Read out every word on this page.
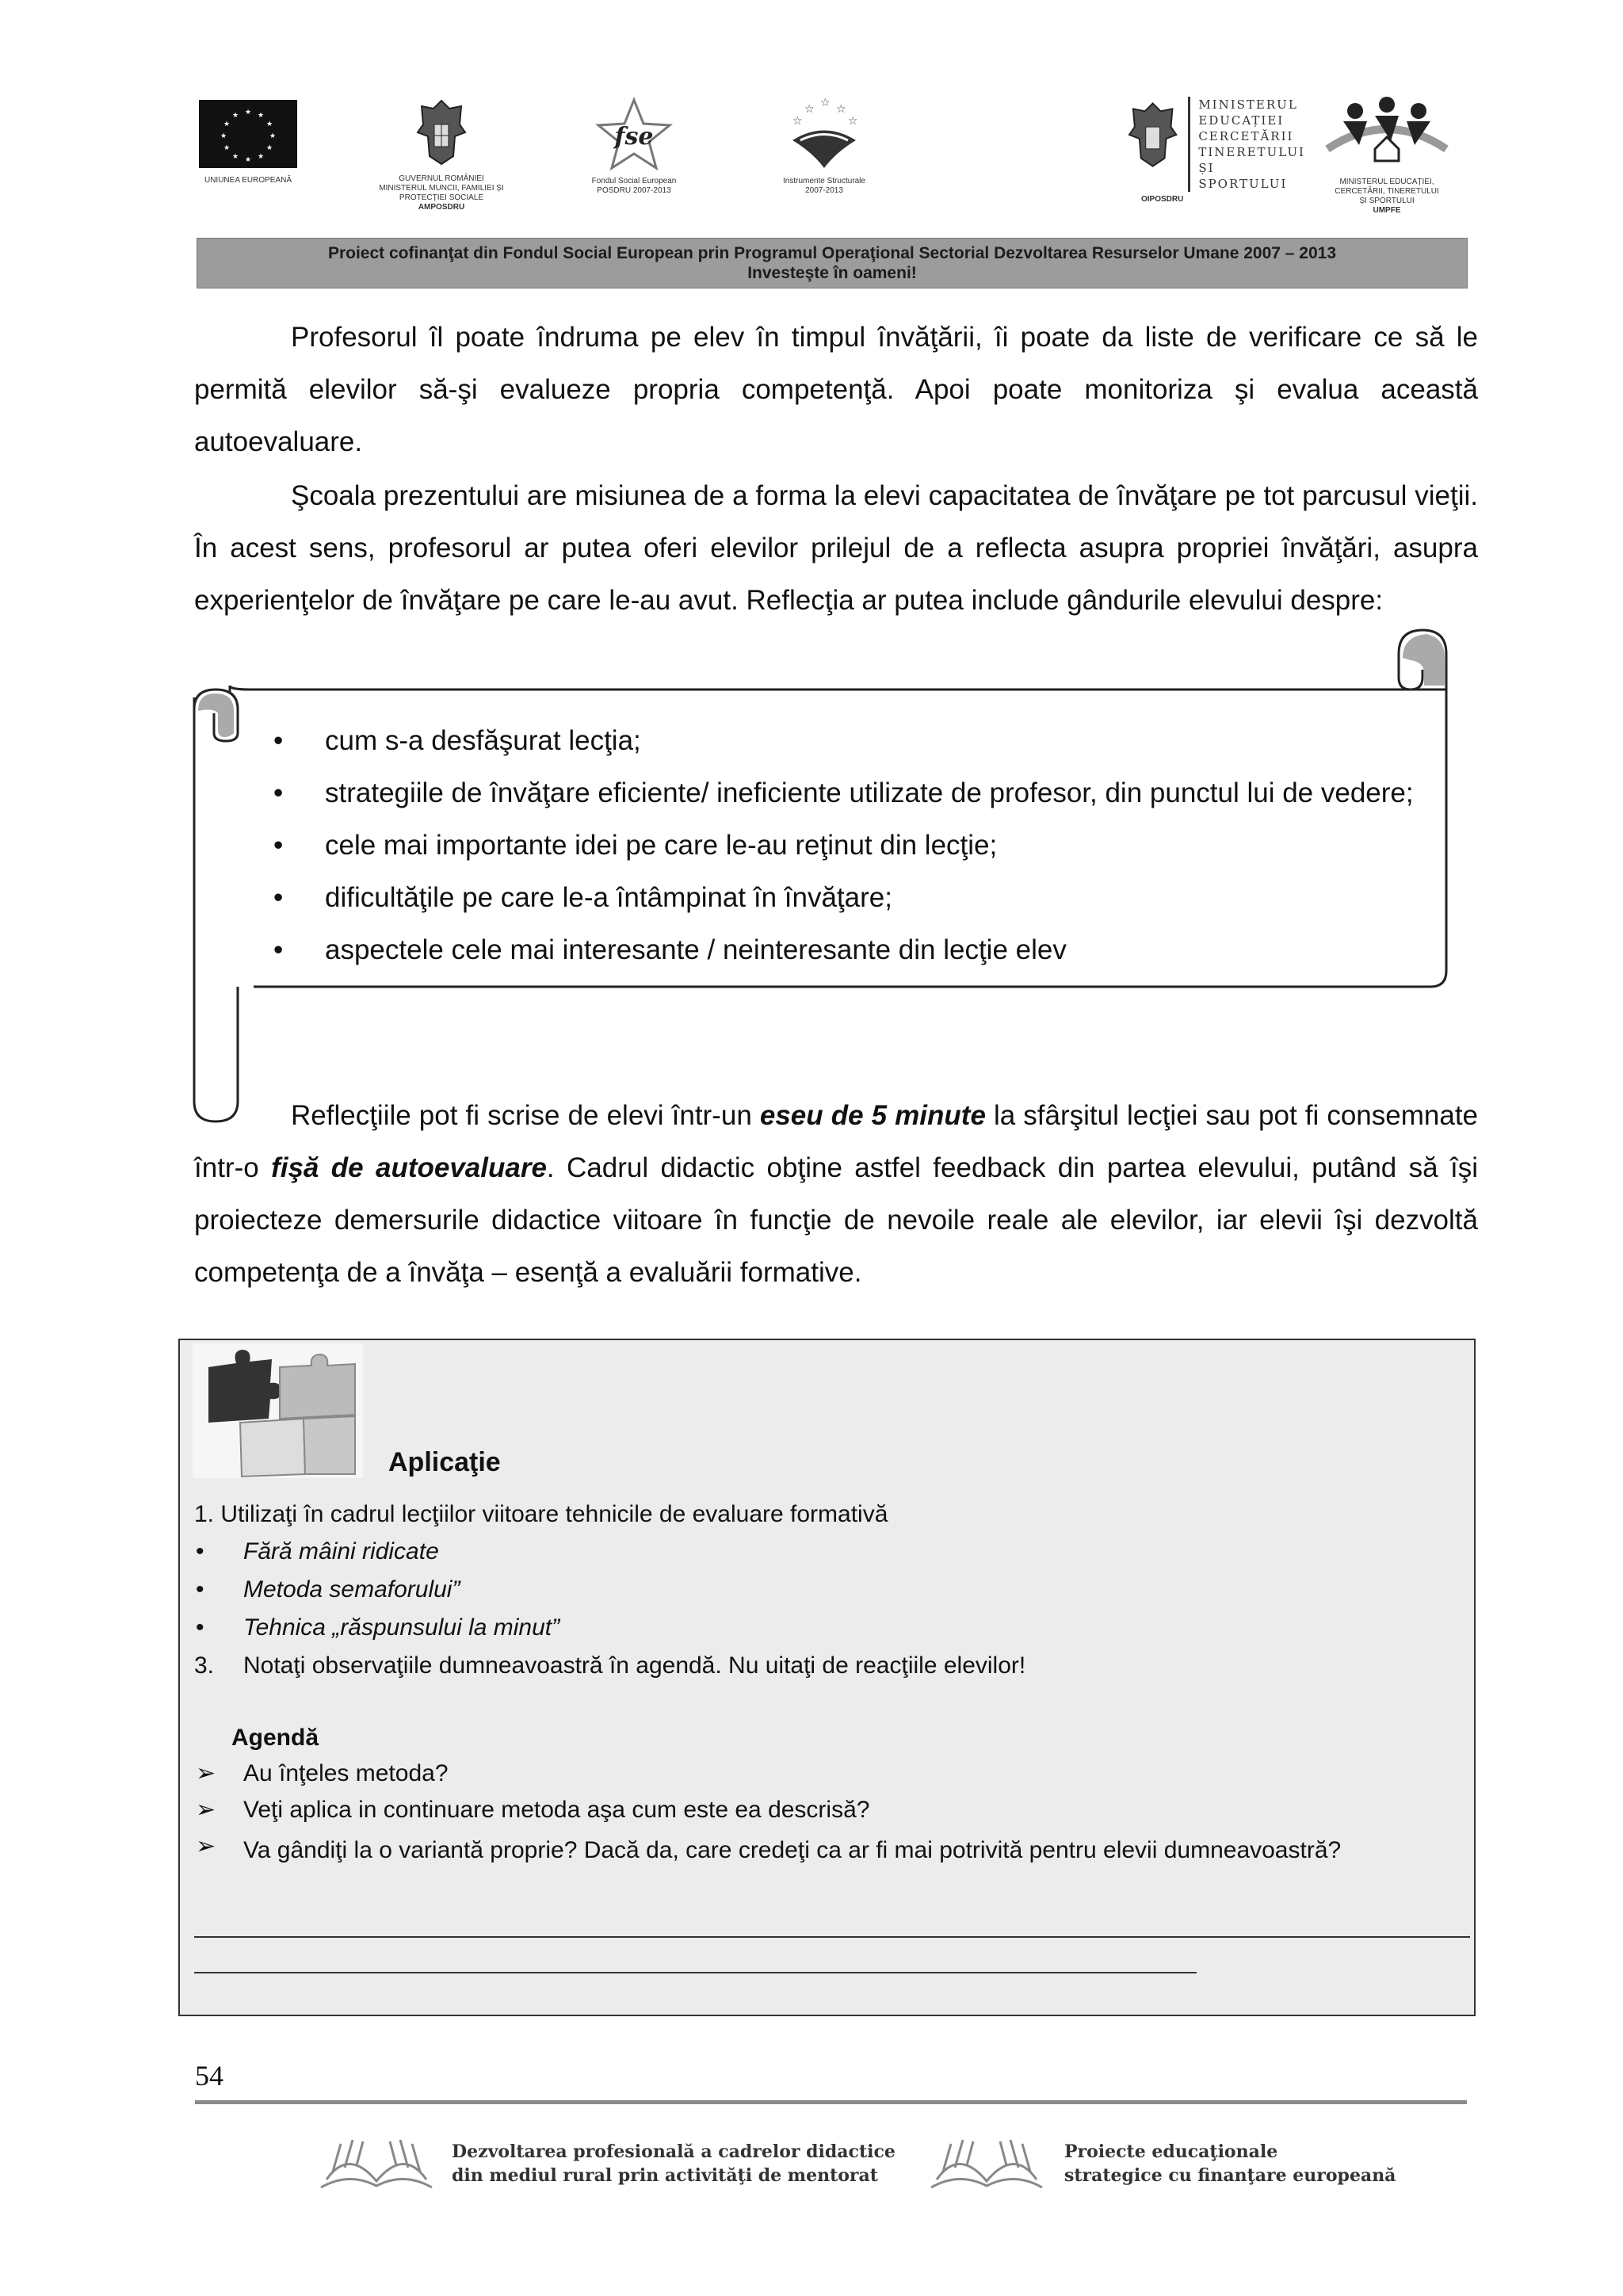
★ ★
★
★
★
★
★
★
★
★
★
★
UNIUNEA EUROPEANĂ	GUVERNUL ROMÂNIEI
MINISTERUL MUNCII, FAMILIEI ȘI
PROTECȚIEI SOCIALE
AMPOSDRU
fse
Fondul Social European
POSDRU 2007-2013
☆ ☆ ☆
☆	☆
Instrumente Structurale
2007-2013
MINISTERUL
EDUCAȚIEI
CERCETĂRII
TINERETULUI
ȘI SPORTULUI
OIPOSDRU
MINISTERUL EDUCAȚIEI,
CERCETĂRII, TINERETULUI
ȘI SPORTULUI
UMPFE
Proiect cofinanţat din Fondul Social European prin Programul Operaţional Sectorial Dezvoltarea Resurselor Umane 2007 – 2013
Investeşte în oameni!

Profesorul îl poate îndruma pe elev în timpul învăţării, îi poate da liste de verificare ce să le permită elevilor să-şi evalueze propria competenţă. Apoi poate monitoriza şi evalua această autoevaluare.

Şcoala prezentului are misiunea de a forma la elevi capacitatea de învăţare pe tot parcusul vieţii. În acest sens, profesorul ar putea oferi elevilor prilejul de a reflecta asupra propriei învăţări, asupra experienţelor de învăţare pe care le-au avut. Reflecţia ar putea include gândurile elevului despre:

• cum s-a desfăşurat lecţia;
• strategiile de învăţare eficiente/ ineficiente utilizate de profesor, din punctul lui de vedere;
• cele mai importante idei pe care le-au reţinut din lecţie;
• dificultăţile pe care le-a întâmpinat în învăţare;
• aspectele cele mai interesante / neinteresante din lecţie elev

Reflecţiile pot fi scrise de elevi într-un eseu de 5 minute la sfârşitul lecţiei sau pot fi consemnate într-o fişă de autoevaluare. Cadrul didactic obţine astfel feedback din partea elevului, putând să îşi proiecteze demersurile didactice viitoare în funcţie de nevoile reale ale elevilor, iar elevii îşi dezvoltă competenţa de a învăţa – esenţă a evaluării formative.

Aplicaţie
1. Utilizaţi în cadrul lecţiilor viitoare tehnicile de evaluare formativă
• Fără mâini ridicate
• Metoda semaforului”
• Tehnica „răspunsului la minut”
3. Notaţi observaţiile dumneavoastră în agendă. Nu uitaţi de reacţiile elevilor!
Agendă
➢ Au înţeles metoda?
➢ Veţi aplica in continuare metoda aşa cum este ea descrisă?
➢ Va gândiţi la o variantă proprie? Dacă da, care credeţi ca ar fi mai potrivită pentru elevii dumneavoastră?
54
Dezvoltarea profesională a cadrelor didactice
din mediul rural prin activităţi de mentorat
Proiecte educaţionale
strategice cu finanţare europeană
